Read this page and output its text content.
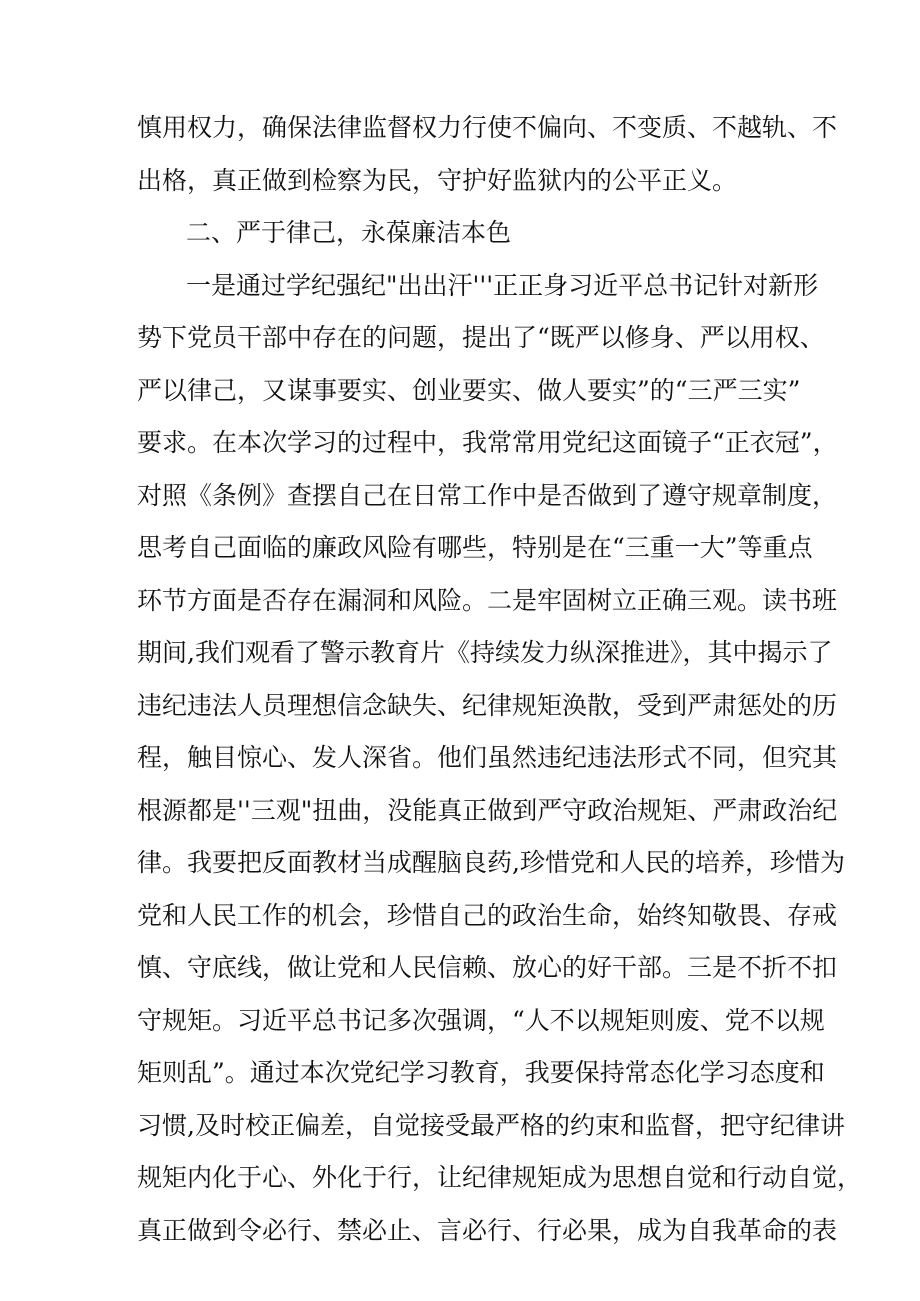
慎用权力，确保法律监督权力行使不偏向、不变质、不越轨、不
出格，真正做到检察为民，守护好监狱内的公平正义。
二、严于律己，永葆廉洁本色
一是通过学纪强纪"出出汗'''正正身习近平总书记针对新形
势下党员干部中存在的问题，提出了“既严以修身、严以用权、
严以律己，又谋事要实、创业要实、做人要实”的“三严三实”
要求。在本次学习的过程中，我常常用党纪这面镜子“正衣冠”，
对照《条例》查摆自己在日常工作中是否做到了遵守规章制度，
思考自己面临的廉政风险有哪些，特别是在“三重一大”等重点
环节方面是否存在漏洞和风险。二是牢固树立正确三观。读书班
期间,我们观看了警示教育片《持续发力纵深推进》，其中揭示了
违纪违法人员理想信念缺失、纪律规矩涣散，受到严肃惩处的历
程，触目惊心、发人深省。他们虽然违纪违法形式不同，但究其
根源都是''三观"扭曲，没能真正做到严守政治规矩、严肃政治纪
律。我要把反面教材当成醒脑良药,珍惜党和人民的培养，珍惜为
党和人民工作的机会，珍惜自己的政治生命，始终知敬畏、存戒
慎、守底线，做让党和人民信赖、放心的好干部。三是不折不扣
守规矩。习近平总书记多次强调，“人不以规矩则废、党不以规
矩则乱”。通过本次党纪学习教育，我要保持常态化学习态度和
习惯,及时校正偏差，自觉接受最严格的约束和监督，把守纪律讲
规矩内化于心、外化于行，让纪律规矩成为思想自觉和行动自觉，
真正做到令必行、禁必止、言必行、行必果，成为自我革命的表
